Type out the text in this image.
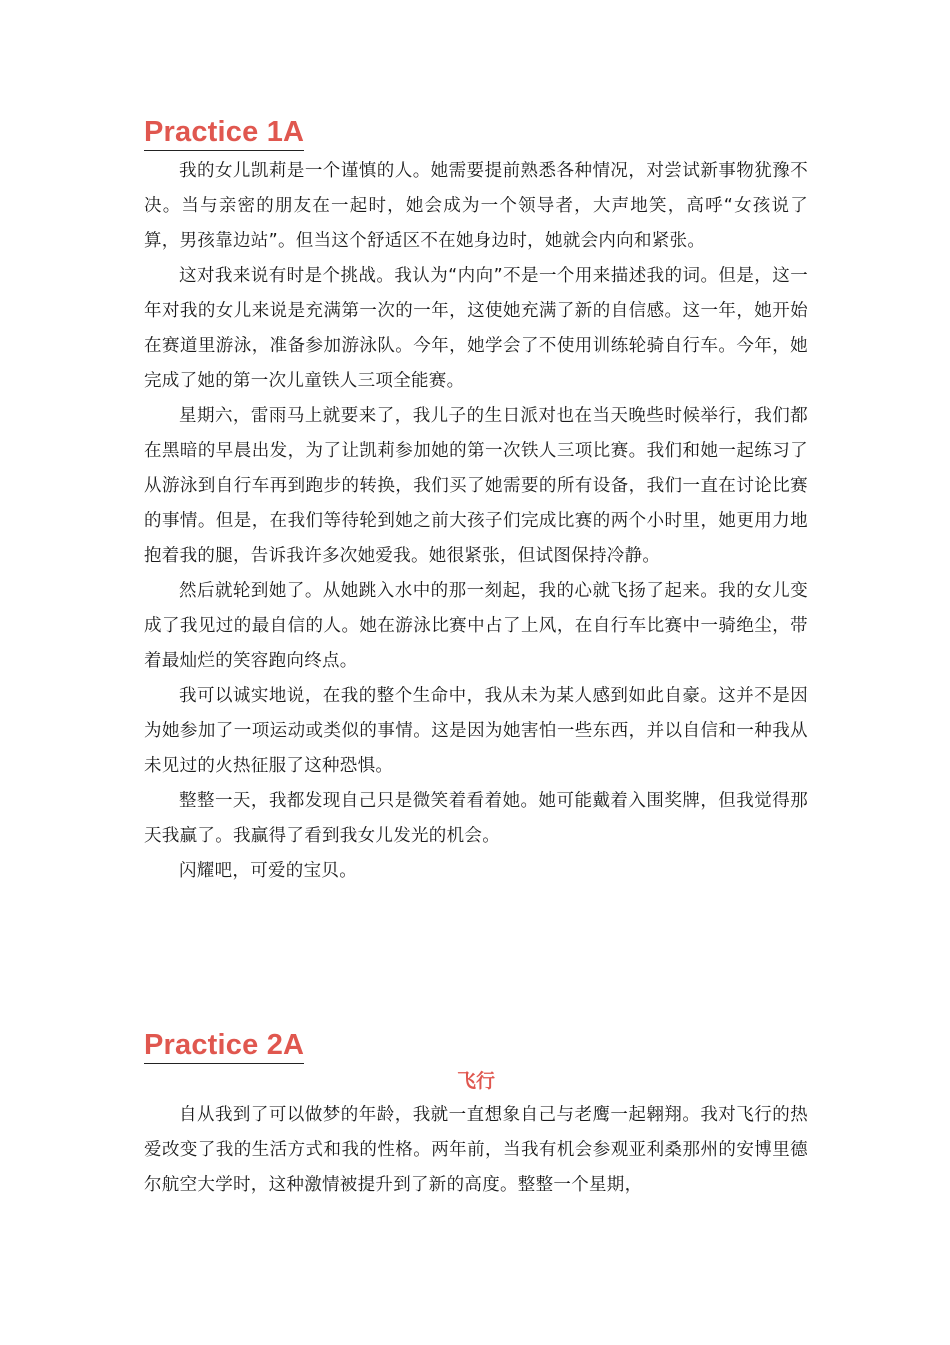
Practice 1A

我的女儿凯莉是一个谨慎的人。她需要提前熟悉各种情况，对尝试新事物犹豫不决。当与亲密的朋友在一起时，她会成为一个领导者，大声地笑，高呼“女孩说了算，男孩靠边站”。但当这个舒适区不在她身边时，她就会内向和紧张。

这对我来说有时是个挑战。我认为“内向”不是一个用来描述我的词。但是，这一年对我的女儿来说是充满第一次的一年，这使她充满了新的自信感。这一年，她开始在赛道里游泳，准备参加游泳队。今年，她学会了不使用训练轮骑自行车。今年，她完成了她的第一次儿童铁人三项全能赛。

星期六，雷雨马上就要来了，我儿子的生日派对也在当天晚些时候举行，我们都在黑暗的早晨出发，为了让凯莉参加她的第一次铁人三项比赛。我们和她一起练习了从游泳到自行车再到跑步的转换，我们买了她需要的所有设备，我们一直在讨论比赛的事情。但是，在我们等待轮到她之前大孩子们完成比赛的两个小时里，她更用力地抱着我的腿，告诉我许多次她爱我。她很紧张，但试图保持冷静。

然后就轮到她了。从她跳入水中的那一刻起，我的心就飞扬了起来。我的女儿变成了我见过的最自信的人。她在游泳比赛中占了上风，在自行车比赛中一骑绝尘，带着最灿烂的笑容跑向终点。

我可以诚实地说，在我的整个生命中，我从未为某人感到如此自豪。这并不是因为她参加了一项运动或类似的事情。这是因为她害怕一些东西，并以自信和一种我从未见过的火热征服了这种恐惧。

整整一天，我都发现自己只是微笑着看着她。她可能戴着入围奖牌，但我觉得那天我赢了。我赢得了看到我女儿发光的机会。

闪耀吧，可爱的宝贝。

Practice 2A

飞行

自从我到了可以做梦的年龄，我就一直想象自己与老鹰一起翱翔。我对飞行的热爱改变了我的生活方式和我的性格。两年前，当我有机会参观亚利桑那州的安博里德尔航空大学时，这种激情被提升到了新的高度。整整一个星期，
